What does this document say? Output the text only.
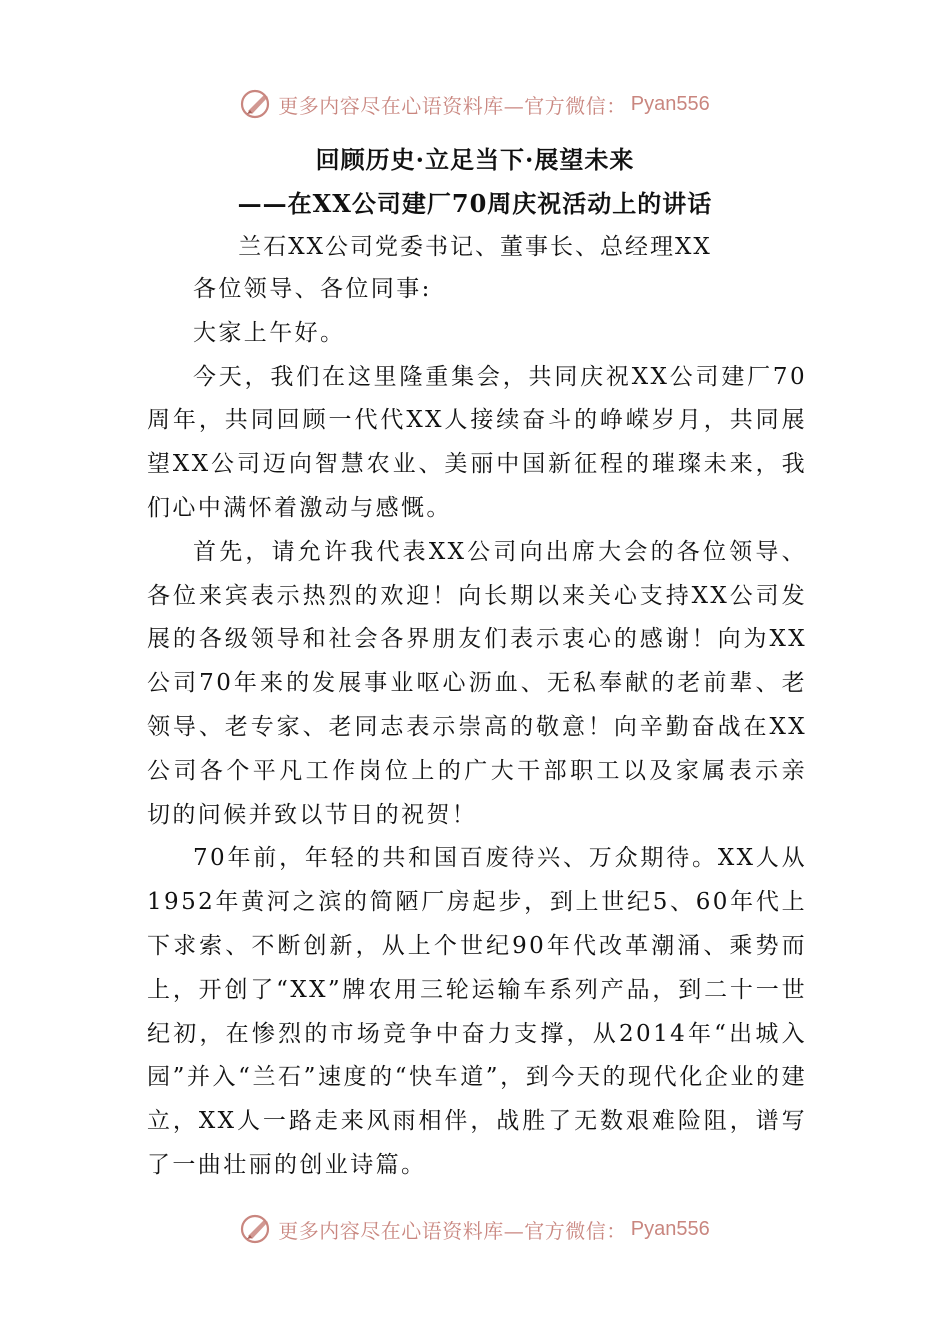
更多内容尽在心语资料库—官方微信： Pyan556
回顾历史·立足当下·展望未来
——在XX公司建厂70周庆祝活动上的讲话
兰石XX公司党委书记、董事长、总经理XX

各位领导、各位同事:

大家上午好。

今天，我们在这里隆重集会，共同庆祝XX公司建厂70周年，共同回顾一代代XX人接续奋斗的峥嵘岁月，共同展望XX公司迈向智慧农业、美丽中国新征程的璀璨未来，我们心中满怀着激动与感慨。

首先，请允许我代表XX公司向出席大会的各位领导、各位来宾表示热烈的欢迎！向长期以来关心支持XX公司发展的各级领导和社会各界朋友们表示衷心的感谢！向为XX公司70年来的发展事业呕心沥血、无私奉献的老前辈、老领导、老专家、老同志表示崇高的敬意！向辛勤奋战在XX公司各个平凡工作岗位上的广大干部职工以及家属表示亲切的问候并致以节日的祝贺！

70年前，年轻的共和国百废待兴、万众期待。XX人从1952年黄河之滨的简陋厂房起步，到上世纪5、60年代上下求索、不断创新，从上个世纪90年代改革潮涌、乘势而上，开创了“XX”牌农用三轮运输车系列产品，到二十一世纪初，在惨烈的市场竞争中奋力支撑，从2014年“出城入园”并入“兰石”速度的“快车道”，到今天的现代化企业的建立，XX人一路走来风雨相伴，战胜了无数艰难险阻，谱写了一曲壮丽的创业诗篇。

更多内容尽在心语资料库—官方微信： Pyan556
